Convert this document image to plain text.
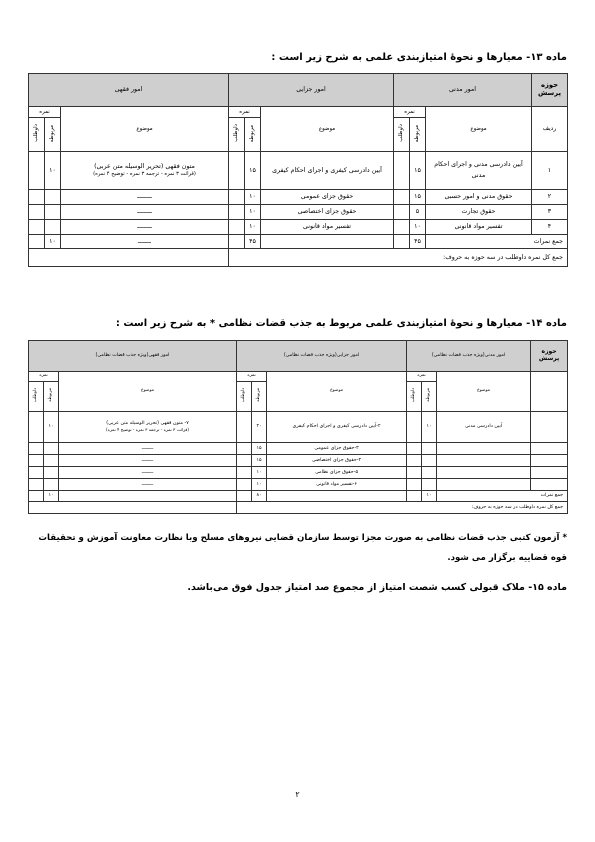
ماده ۱۳- معیارها و نحوۀ امتیازبندی علمی به شرح زیر است :
حوزه پرسش	امور مدنی			امور جزایی			امور فقهی		
ردیف	موضوع	نمره		موضوع	نمره		موضوع	نمره	
		مربوطه	داوطلب		مربوطه	داوطلب		مربوطه	داوطلب
۱	آیین دادرسی مدنی و اجرای احکام مدنی	۱۵		آیین دادرسی کیفری و اجرای احکام کیفری	۱۵		متون فقهی (تحریر الوسیله متن عربی)
(قرائت ۳ نمره - ترجمه ۳ نمره - توضیح ۴ نمره)	۱۰	
۲	حقوق مدنی و امور حسبی	۱۵		حقوق جزای عمومی	۱۰		ــــــــ		
۳	حقوق تجارت	۵		حقوق جزای اختصاصی	۱۰		ــــــــ		
۴	تفسیر مواد قانونی	۱۰		تفسیر مواد قانونی	۱۰		ــــــــ		
جمع نمرات		۴۵			۴۵		ـــــــ	۱۰	
جمع کل نمره داوطلب در سه حوزه به حروف:									
ماده ۱۴- معیارها و نحوۀ امتیازبندی علمی مربوط به جذب قضات نظامی * به شرح زیر است :
حوزه پرسش	امور مدنی(ویژه جذب قضات نظامی)			امور جزایی(ویژه جذب قضات نظامی)			امور فقهی(ویژه جذب قضات نظامی)		
	موضوع	نمره		موضوع	نمره		موضوع	نمره	
		مربوطه	داوطلب		مربوطه	داوطلب		مربوطه	داوطلب
	آیین دادرسی مدنی	۱۰		۲-آیین دادرسی کیفری و اجرای احکام کیفری	۲۰		۷- متون فقهی (تحریر الوسیله متن عربی)
(قرائت ۳ نمره - ترجمه ۳ نمره - توضیح ۴ نمره)	۱۰	
				۳-حقوق جزای عمومی	۱۵		ــــــــ		
				۴-حقوق جزای اختصاصی	۱۵		ــــــــ		
				۵-حقوق جزای نظامی	۱۰		ــــــــ		
				۶-تفسیر مواد قانونی	۱۰		ــــــــ		
جمع نمرات		۱۰			۸۰			۱۰	
جمع کل نمره داوطلب در سه حوزه به حروف:									
* آزمون کتبی جذب قضات نظامی به صورت مجزا توسط سازمان قضایی نیروهای مسلح وبا نظارت معاونت آموزش و تحقیقات قوه قضاییه برگزار می شود.
ماده ۱۵- ملاک قبولی کسب شصت امتیاز از مجموع صد امتیاز جدول فوق می‌باشد.
۲
